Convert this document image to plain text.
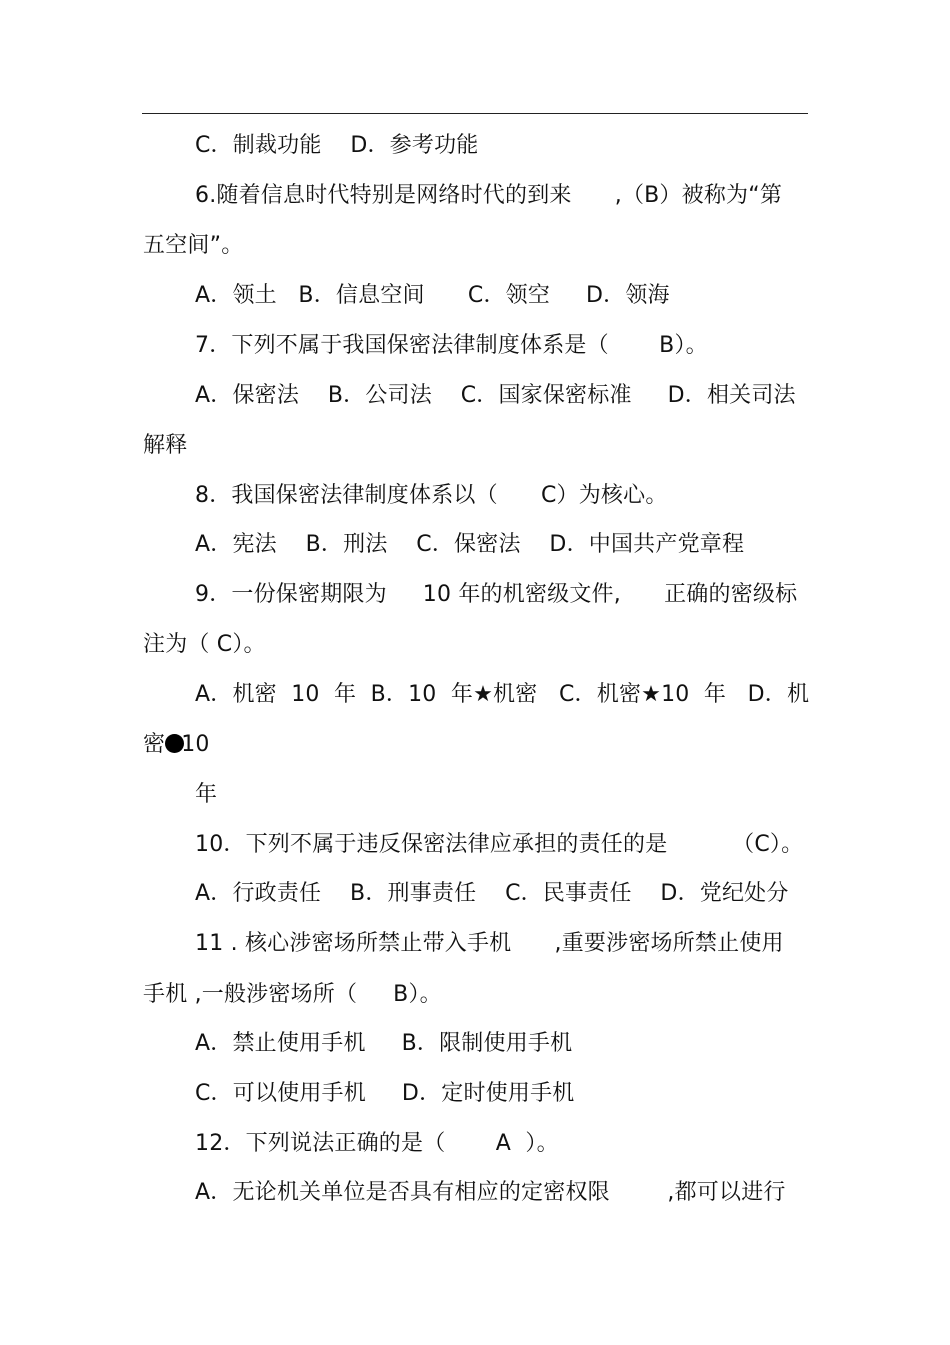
C．制裁功能    D．参考功能
6.随着信息时代特别是网络时代的到来      ,（B）被称为“第
五空间”。
A．领土   B．信息空间      C．领空     D．领海
7．下列不属于我国保密法律制度体系是（       B）。
A．保密法    B．公司法    C．国家保密标准     D．相关司法
解释
8．我国保密法律制度体系以（      C）为核心。
A．宪法    B．刑法    C．保密法    D．中国共产党章程
9．一份保密期限为     10 年的机密级文件,      正确的密级标
注为（ C）。
A．机密  10  年  B．10  年★机密   C．机密★10  年   D．机
密 10
年
10．下列不属于违反保密法律应承担的责任的是         （C）。
A．行政责任    B．刑事责任    C．民事责任    D．党纪处分
11 . 核心涉密场所禁止带入手机      ,重要涉密场所禁止使用
手机 ,一般涉密场所（     B）。
A．禁止使用手机     B．限制使用手机
C．可以使用手机     D．定时使用手机
12．下列说法正确的是（       A  ）。
A．无论机关单位是否具有相应的定密权限        ,都可以进行
